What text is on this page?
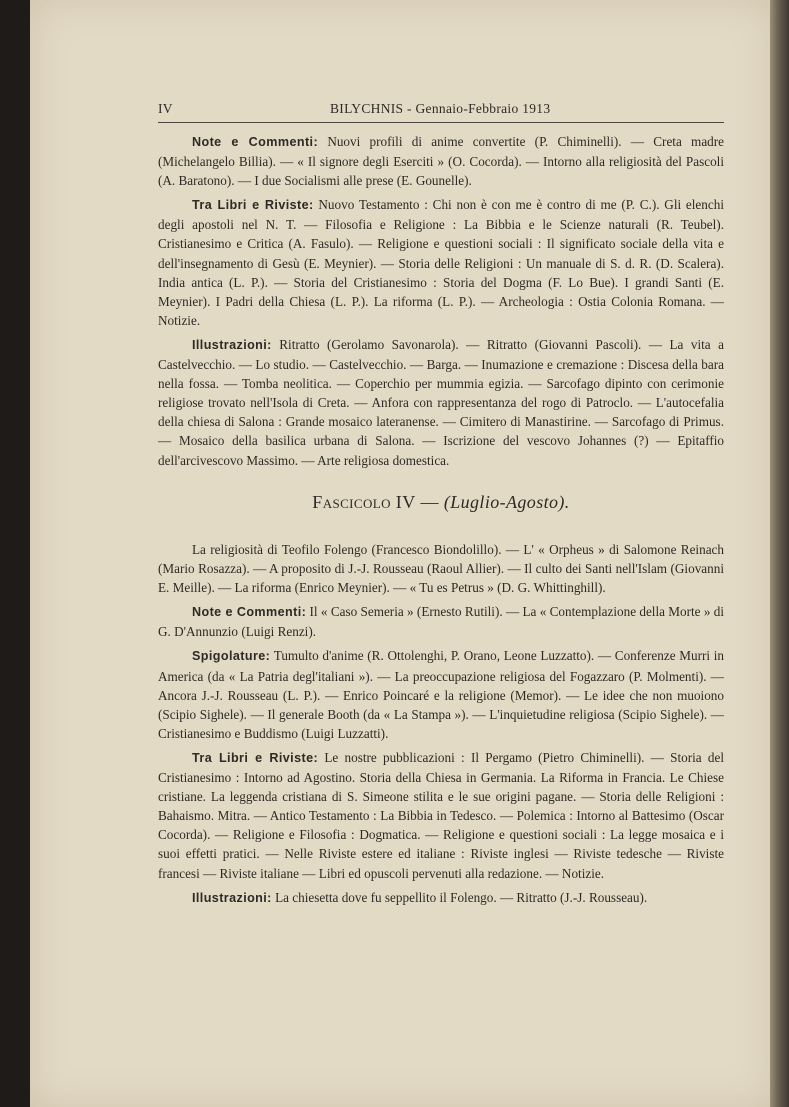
IV	BILYCHNIS - Gennaio-Febbraio 1913

Note e Commenti: Nuovi profili di anime convertite (P. Chiminelli). — Creta madre (Michelangelo Billia). — « Il signore degli Eserciti » (O. Cocorda). — Intorno alla religiosità del Pascoli (A. Baratono). — I due Socialismi alle prese (E. Gounelle).

Tra Libri e Riviste: Nuovo Testamento : Chi non è con me è contro di me (P. C.). Gli elenchi degli apostoli nel N. T. — Filosofia e Religione : La Bibbia e le Scienze naturali (R. Teubel). Cristianesimo e Critica (A. Fasulo). — Religione e questioni sociali : Il significato sociale della vita e dell'insegnamento di Gesù (E. Meynier). — Storia delle Religioni : Un manuale di S. d. R. (D. Scalera). India antica (L. P.). — Storia del Cristianesimo : Storia del Dogma (F. Lo Bue). I grandi Santi (E. Meynier). I Padri della Chiesa (L. P.). La riforma (L. P.). — Archeologia : Ostia Colonia Romana. — Notizie.

Illustrazioni: Ritratto (Gerolamo Savonarola). — Ritratto (Giovanni Pascoli). — La vita a Castelvecchio. — Lo studio. — Castelvecchio. — Barga. — Inumazione e cremazione : Discesa della bara nella fossa. — Tomba neolitica. — Coperchio per mummia egizia. — Sarcofago dipinto con cerimonie religiose trovato nell'Isola di Creta. — Anfora con rappresentanza del rogo di Patroclo. — L'autocefalia della chiesa di Salona : Grande mosaico lateranense. — Cimitero di Manastirine. — Sarcofago di Primus. — Mosaico della basilica urbana di Salona. — Iscrizione del vescovo Johannes (?) — Epitaffio dell'arcivescovo Massimo. — Arte religiosa domestica.

Fascicolo IV — (Luglio-Agosto).

La religiosità di Teofilo Folengo (Francesco Biondolillo). — L' « Orpheus » di Salomone Reinach (Mario Rosazza). — A proposito di J.-J. Rousseau (Raoul Allier). — Il culto dei Santi nell'Islam (Giovanni E. Meille). — La riforma (Enrico Meynier). — « Tu es Petrus » (D. G. Whittinghill).

Note e Commenti: Il « Caso Semeria » (Ernesto Rutili). — La « Contemplazione della Morte » di G. D'Annunzio (Luigi Renzi).

Spigolature: Tumulto d'anime (R. Ottolenghi, P. Orano, Leone Luzzatto). — Conferenze Murri in America (da « La Patria degl'italiani »). — La preoccupazione religiosa del Fogazzaro (P. Molmenti). — Ancora J.-J. Rousseau (L. P.). — Enrico Poincaré e la religione (Memor). — Le idee che non muoiono (Scipio Sighele). — Il generale Booth (da « La Stampa »). — L'inquietudine religiosa (Scipio Sighele). — Cristianesimo e Buddismo (Luigi Luzzatti).

Tra Libri e Riviste: Le nostre pubblicazioni : Il Pergamo (Pietro Chiminelli). — Storia del Cristianesimo : Intorno ad Agostino. Storia della Chiesa in Germania. La Riforma in Francia. Le Chiese cristiane. La leggenda cristiana di S. Simeone stilita e le sue origini pagane. — Storia delle Religioni : Bahaismo. Mitra. — Antico Testamento : La Bibbia in Tedesco. — Polemica : Intorno al Battesimo (Oscar Cocorda). — Religione e Filosofia : Dogmatica. — Religione e questioni sociali : La legge mosaica e i suoi effetti pratici. — Nelle Riviste estere ed italiane : Riviste inglesi — Riviste tedesche — Riviste francesi — Riviste italiane — Libri ed opuscoli pervenuti alla redazione. — Notizie.

Illustrazioni: La chiesetta dove fu seppellito il Folengo. — Ritratto (J.-J. Rousseau).
